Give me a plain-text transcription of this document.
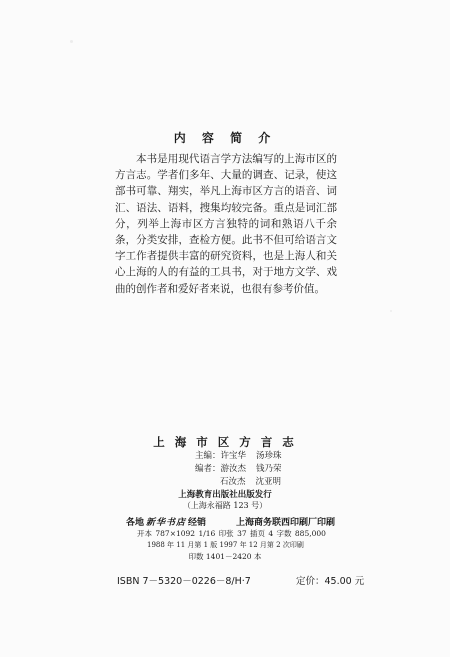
内 容 简 介
本书是用现代语言学方法编写的上海市区的方言志。学者们多年、大量的调查、记录，使这部书可靠、翔实，举凡上海市区方言的语音、词汇、语法、语料，搜集均较完备。重点是词汇部分，列举上海市区方言独特的词和熟语八千余条，分类安排，查检方便。此书不但可给语言文字工作者提供丰富的研究资料，也是上海人和关心上海的人的有益的工具书，对于地方文学、戏曲的创作者和爱好者来说，也很有参考价值。
上 海 市 区 方 言 志
主编：许宝华 汤珍珠
编者：游汝杰 钱乃荣
石汝杰 沈亚明
上海教育出版社出版发行
（上海永福路 123 号）
各地 新华书店 经销	上海商务联西印刷厂印刷
开本 787×1092 1/16 印张 37 插页 4 字数 885,000
1988 年 11 月第 1 版 1997 年 12 月第 2 次印刷
印数 1401－2420 本
ISBN 7－5320－0226－8/H·7	定价：45.00 元
